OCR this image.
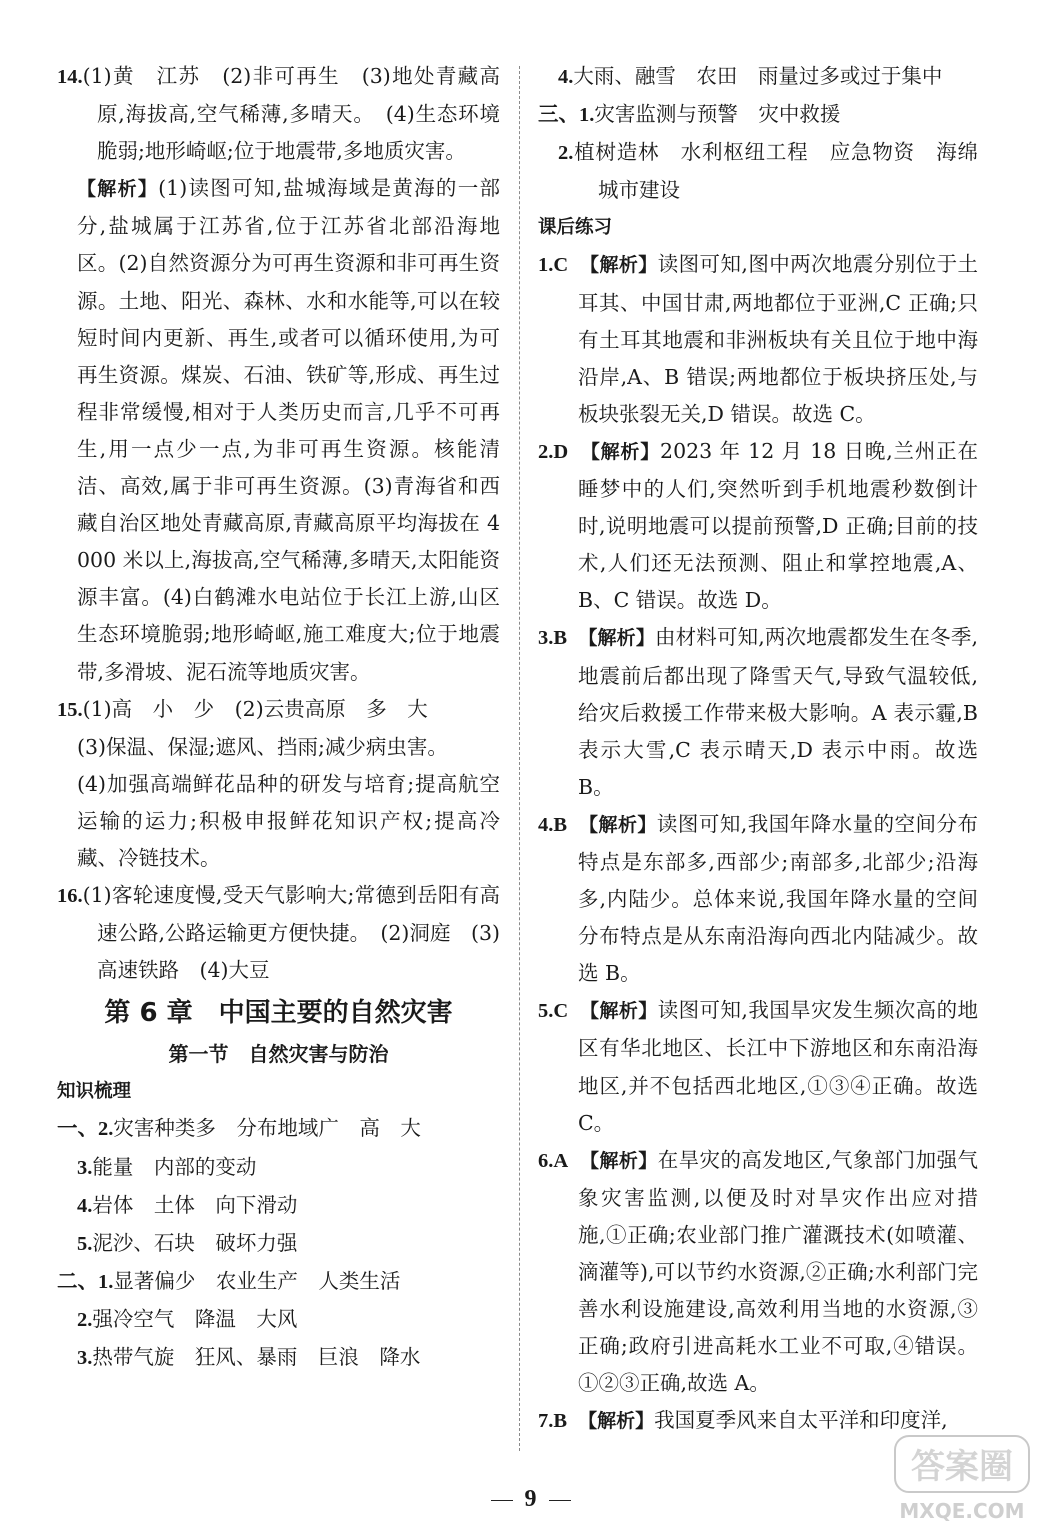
14.(1)黄　江苏　(2)非可再生　(3)地处青藏高原,海拔高,空气稀薄,多晴天。　(4)生态环境脆弱;地形崎岖;位于地震带,多地质灾害。
【解析】(1)读图可知,盐城海域是黄海的一部分,盐城属于江苏省,位于江苏省北部沿海地区。(2)自然资源分为可再生资源和非可再生资源。土地、阳光、森林、水和水能等,可以在较短时间内更新、再生,或者可以循环使用,为可再生资源。煤炭、石油、铁矿等,形成、再生过程非常缓慢,相对于人类历史而言,几乎不可再生,用一点少一点,为非可再生资源。核能清洁、高效,属于非可再生资源。(3)青海省和西藏自治区地处青藏高原,青藏高原平均海拔在 4 000 米以上,海拔高,空气稀薄,多晴天,太阳能资源丰富。(4)白鹤滩水电站位于长江上游,山区生态环境脆弱;地形崎岖,施工难度大;位于地震带,多滑坡、泥石流等地质灾害。
15.(1)高　小　少　(2)云贵高原　多　大
(3)保温、保湿;遮风、挡雨;减少病虫害。
(4)加强高端鲜花品种的研发与培育;提高航空运输的运力;积极申报鲜花知识产权;提高冷藏、冷链技术。
16.(1)客轮速度慢,受天气影响大;常德到岳阳有高速公路,公路运输更方便快捷。　(2)洞庭　(3)高速铁路　(4)大豆
第 6 章　中国主要的自然灾害
第一节　自然灾害与防治
知识梳理
一、2.灾害种类多　分布地域广　高　大
3.能量　内部的变动
4.岩体　土体　向下滑动
5.泥沙、石块　破坏力强
二、1.显著偏少　农业生产　人类生活
2.强冷空气　降温　大风
3.热带气旋　狂风、暴雨　巨浪　降水
4.大雨、融雪　农田　雨量过多或过于集中
三、1.灾害监测与预警　灾中救援
2.植树造林　水利枢纽工程　应急物资　海绵城市建设
课后练习
1.C　 【解析】读图可知,图中两次地震分别位于土耳其、中国甘肃,两地都位于亚洲,C 正确;只有土耳其地震和非洲板块有关且位于地中海沿岸,A、B 错误;两地都位于板块挤压处,与板块张裂无关,D 错误。故选 C。
2.D　 【解析】2023 年 12 月 18 日晚,兰州正在睡梦中的人们,突然听到手机地震秒数倒计时,说明地震可以提前预警,D 正确;目前的技术,人们还无法预测、阻止和掌控地震,A、B、C 错误。故选 D。
3.B　 【解析】由材料可知,两次地震都发生在冬季,地震前后都出现了降雪天气,导致气温较低,给灾后救援工作带来极大影响。A 表示霾,B 表示大雪,C 表示晴天,D 表示中雨。故选 B。
4.B　 【解析】读图可知,我国年降水量的空间分布特点是东部多,西部少;南部多,北部少;沿海多,内陆少。总体来说,我国年降水量的空间分布特点是从东南沿海向西北内陆减少。故选 B。
5.C　 【解析】读图可知,我国旱灾发生频次高的地区有华北地区、长江中下游地区和东南沿海地区,并不包括西北地区,①③④正确。故选 C。
6.A　 【解析】在旱灾的高发地区,气象部门加强气象灾害监测,以便及时对旱灾作出应对措施,①正确;农业部门推广灌溉技术(如喷灌、滴灌等),可以节约水资源,②正确;水利部门完善水利设施建设,高效利用当地的水资源,③正确;政府引进高耗水工业不可取,④错误。①②③正确,故选 A。
7.B　 【解析】我国夏季风来自太平洋和印度洋,
9
答案圈
MXQE.COM
